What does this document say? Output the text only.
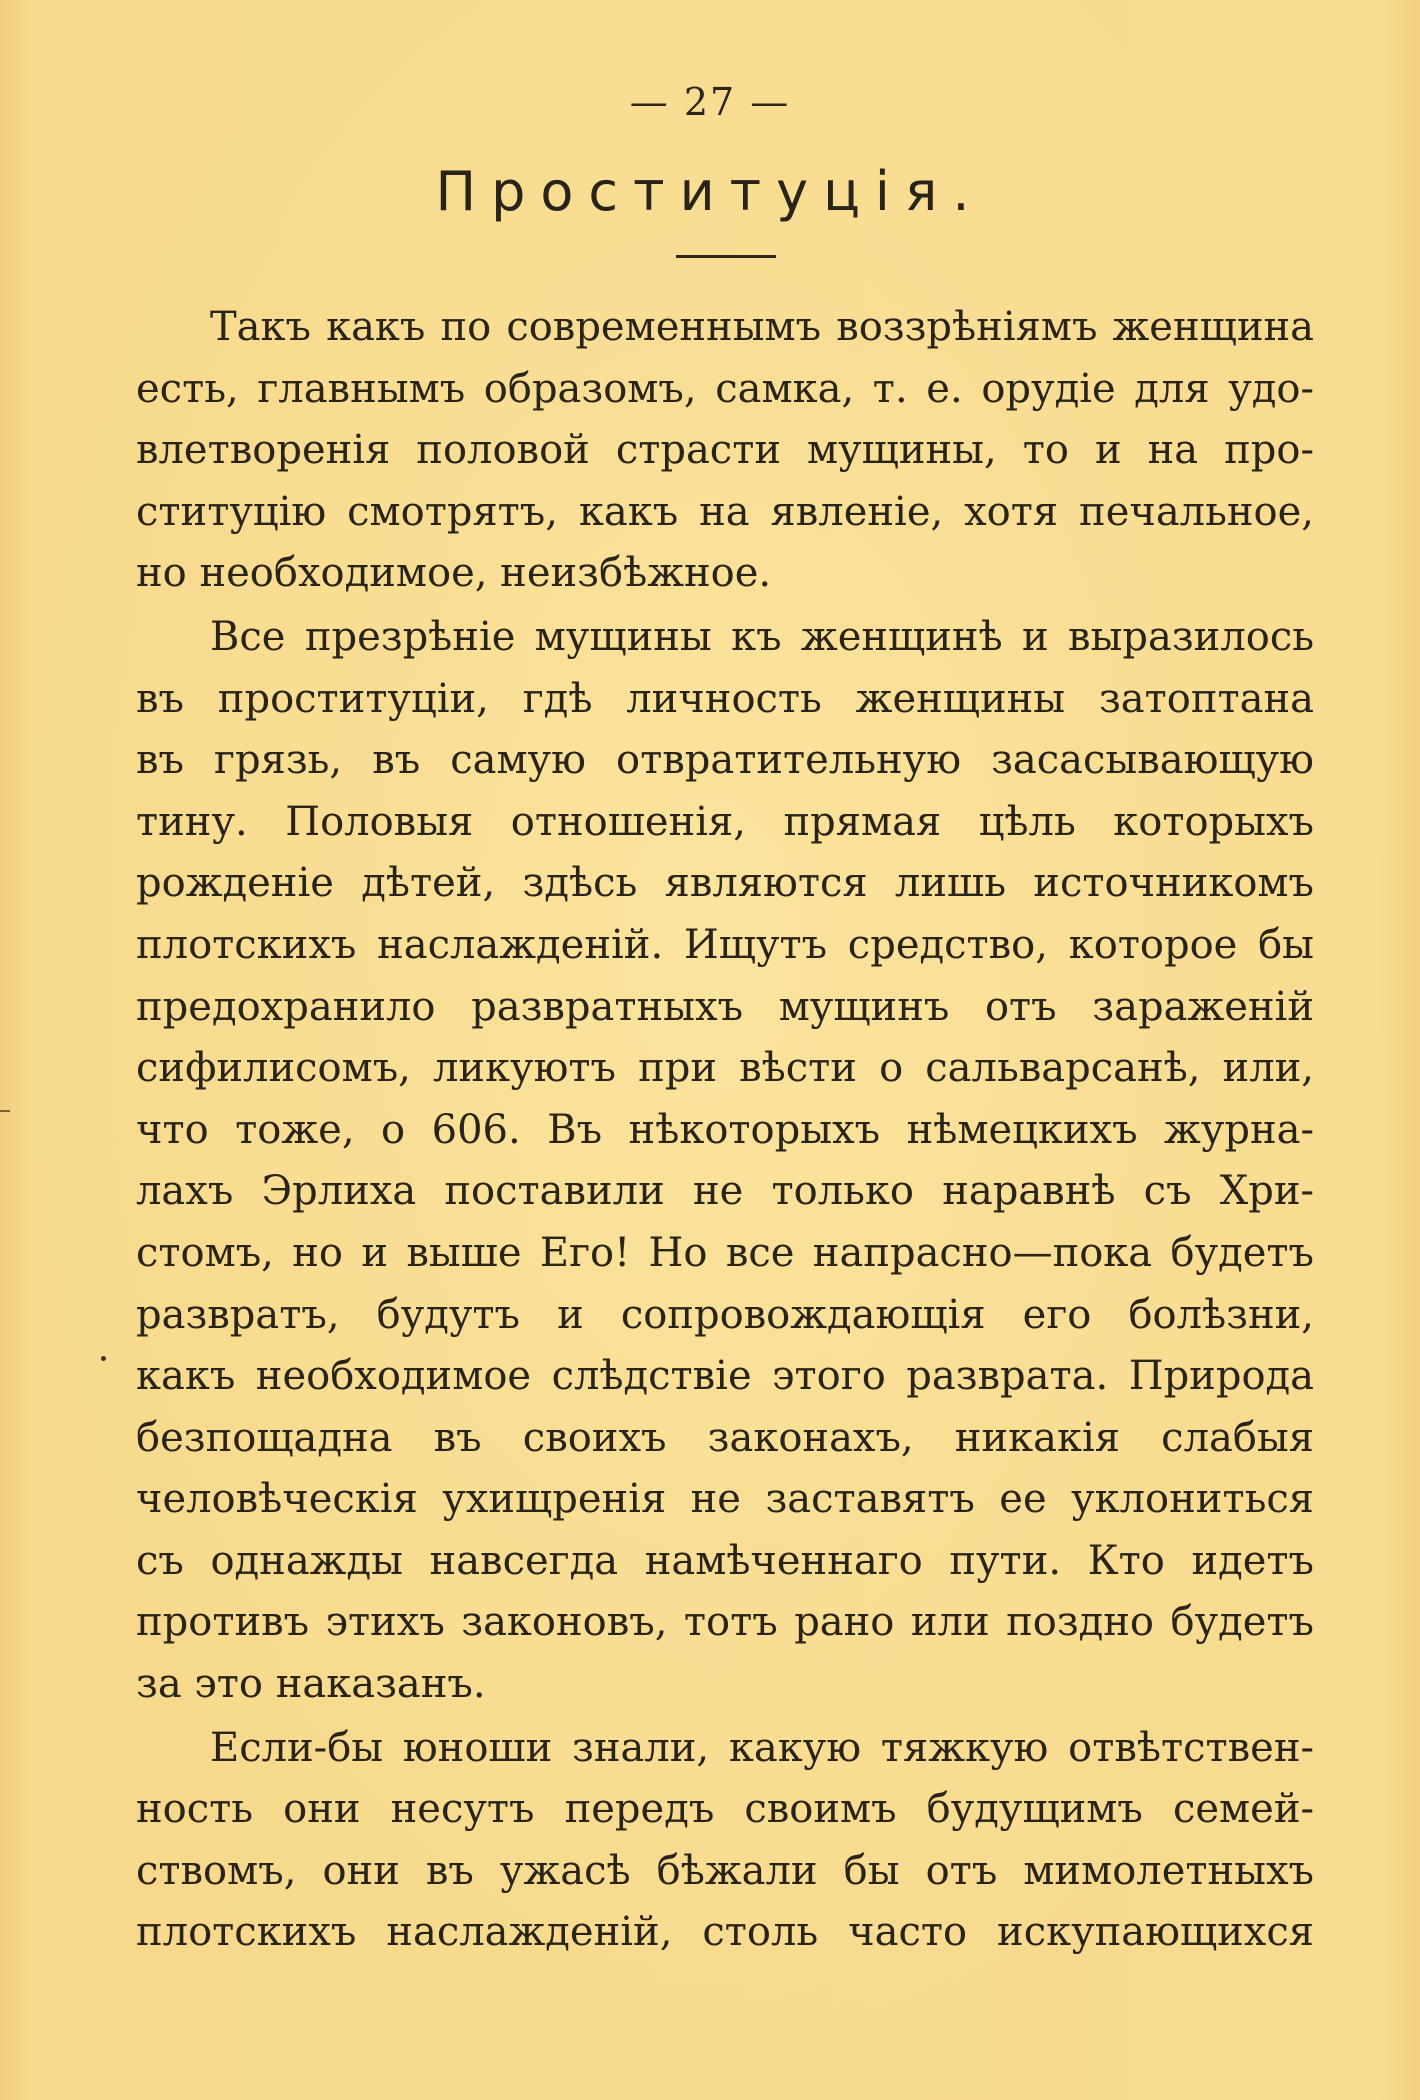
— 27 —
Проституція.
Такъ какъ по современнымъ воззрѣніямъ женщина
есть, главнымъ образомъ, самка, т. е. орудіе для удо-
влетворенія половой страсти мущины, то и на про-
ституцію смотрятъ, какъ на явленіе, хотя печальное,
но необходимое, неизбѣжное.
Все презрѣніе мущины къ женщинѣ и выразилось
въ проституціи, гдѣ личность женщины затоптана
въ грязь, въ самую отвратительную засасывающую
тину. Половыя отношенія, прямая цѣль которыхъ
рожденіе дѣтей, здѣсь являются лишь источникомъ
плотскихъ наслажденій. Ищутъ средство, которое бы
предохранило развратныхъ мущинъ отъ зараженій
сифилисомъ, ликуютъ при вѣсти о сальварсанѣ, или,
что тоже, о 606. Въ нѣкоторыхъ нѣмецкихъ журна-
лахъ Эрлиха поставили не только наравнѣ съ Хри-
стомъ, но и выше Его! Но все напрасно—пока будетъ
развратъ, будутъ и сопровождающія его болѣзни,
какъ необходимое слѣдствіе этого разврата. Природа
безпощадна въ своихъ законахъ, никакія слабыя
человѣческія ухищренія не заставятъ ее уклониться
съ однажды навсегда намѣченнаго пути. Кто идетъ
противъ этихъ законовъ, тотъ рано или поздно будетъ
за это наказанъ.
Если-бы юноши знали, какую тяжкую отвѣтствен-
ность они несутъ передъ своимъ будущимъ семей-
ствомъ, они въ ужасѣ бѣжали бы отъ мимолетныхъ
плотскихъ наслажденій, столь часто искупающихся
